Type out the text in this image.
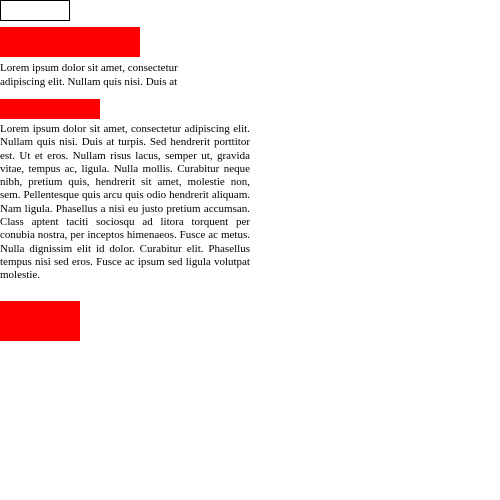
Lorem ipsum dolor sit amet, consectetur adipiscing elit. Nullam quis nisi. Duis at

Lorem ipsum dolor sit amet, consectetur adipiscing elit. Nullam quis nisi. Duis at turpis. Sed hendrerit porttitor est. Ut et eros. Nullam risus lacus, semper ut, gravida vitae, tempus ac, ligula. Nulla mollis. Curabitur neque nibh, pretium quis, hendrerit sit amet, molestie non, sem. Pellentesque quis arcu quis odio hendrerit aliquam. Nam ligula. Phasellus a nisi eu justo pretium accumsan. Class aptent taciti sociosqu ad litora torquent per conubia nostra, per inceptos himenaeos. Fusce ac metus. Nulla dignissim elit id dolor. Curabitur elit. Phasellus tempus nisi sed eros. Fusce ac ipsum sed ligula volutpat molestie.
